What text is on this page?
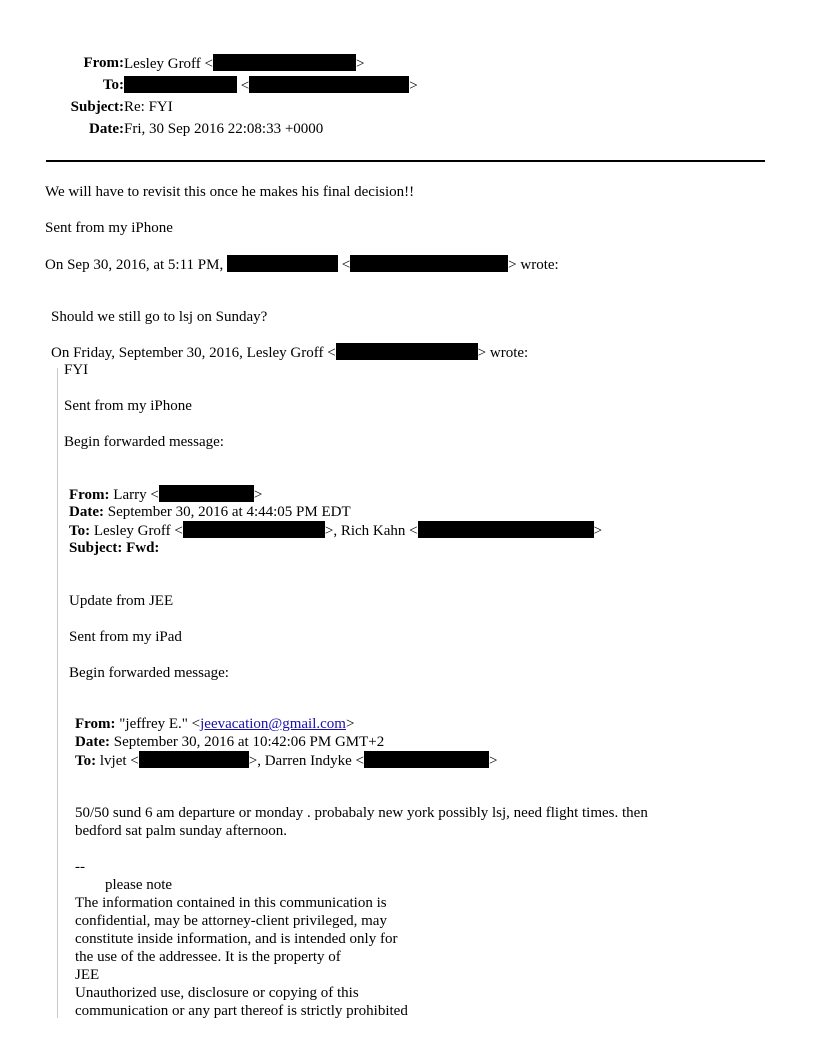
From: Lesley Groff <	>
To:	<	>
Subject: Re: FYI
Date: Fri, 30 Sep 2016 22:08:33 +0000
We will have to revisit this once he makes his final decision!!
Sent from my iPhone
On Sep 30, 2016, at 5:11 PM,	<	> wrote:
Should we still go to lsj on Sunday?
On Friday, September 30, 2016, Lesley Groff <	> wrote:
FYI
Sent from my iPhone
Begin forwarded message:
From: Larry <	>
Date: September 30, 2016 at 4:44:05 PM EDT
To: Lesley Groff <	>, Rich Kahn <	>
Subject: Fwd:
Update from JEE
Sent from my iPad
Begin forwarded message:
From: "jeffrey E." <jeevacation@gmail.com>
Date: September 30, 2016 at 10:42:06 PM GMT+2
To: lvjet <	>, Darren Indyke <	>
50/50 sund 6 am departure or monday . probabaly new york possibly lsj, need flight times. then
bedford sat palm sunday afternoon.
--
please note
The information contained in this communication is
confidential, may be attorney-client privileged, may
constitute inside information, and is intended only for
the use of the addressee. It is the property of
JEE
Unauthorized use, disclosure or copying of this
communication or any part thereof is strictly prohibited
